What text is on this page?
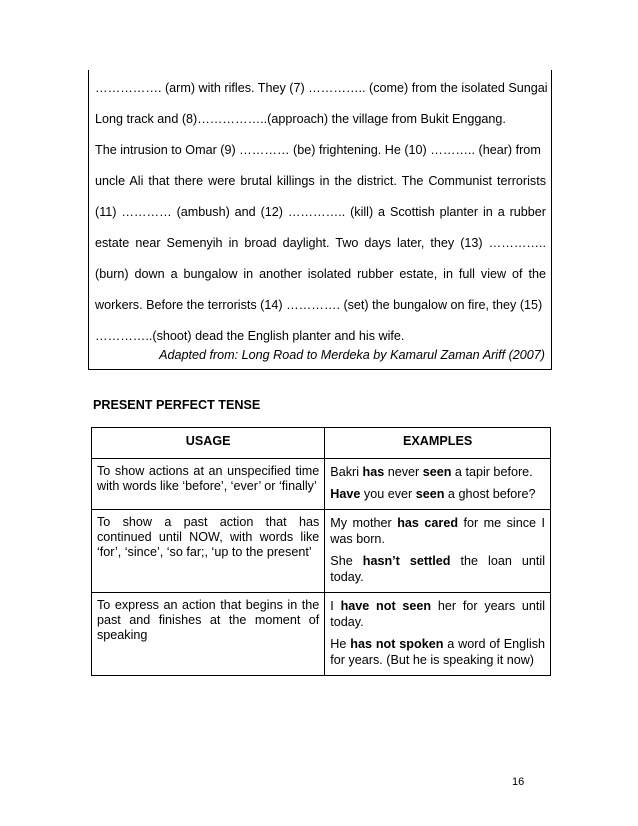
……………. (arm) with rifles. They (7) ………….. (come) from the isolated Sungai
Long track and (8)……………..(approach) the village from Bukit Enggang.
The intrusion to Omar (9) ………… (be) frightening. He (10) ……….. (hear) from
uncle Ali that there were brutal killings in the district. The Communist terrorists
(11) ………… (ambush) and (12) ………….. (kill) a Scottish planter in a rubber
estate near Semenyih in broad daylight. Two days later, they (13) …………..
(burn) down a bungalow in another isolated rubber estate, in full view of the
workers. Before the terrorists (14) …………. (set) the bungalow on fire, they (15)
…………..(shoot) dead the English planter and his wife.
Adapted from: Long Road to Merdeka by Kamarul Zaman Ariff (2007)
PRESENT PERFECT TENSE
USAGE	EXAMPLES
To show actions at an unspecified time with words like ‘before’, ‘ever’ or ‘finally’	Bakri has never seen a tapir before.

Have you ever seen a ghost before?

To show a past action that has continued until NOW, with words like ‘for’, ‘since’, ‘so far;, ‘up to the present’	My mother has cared for me since I was born.

She hasn’t settled the loan until today.

To express an action that begins in the past and finishes at the moment of speaking	I have not seen her for years until today.

He has not spoken a word of English for years. (But he is speaking it now)

16
